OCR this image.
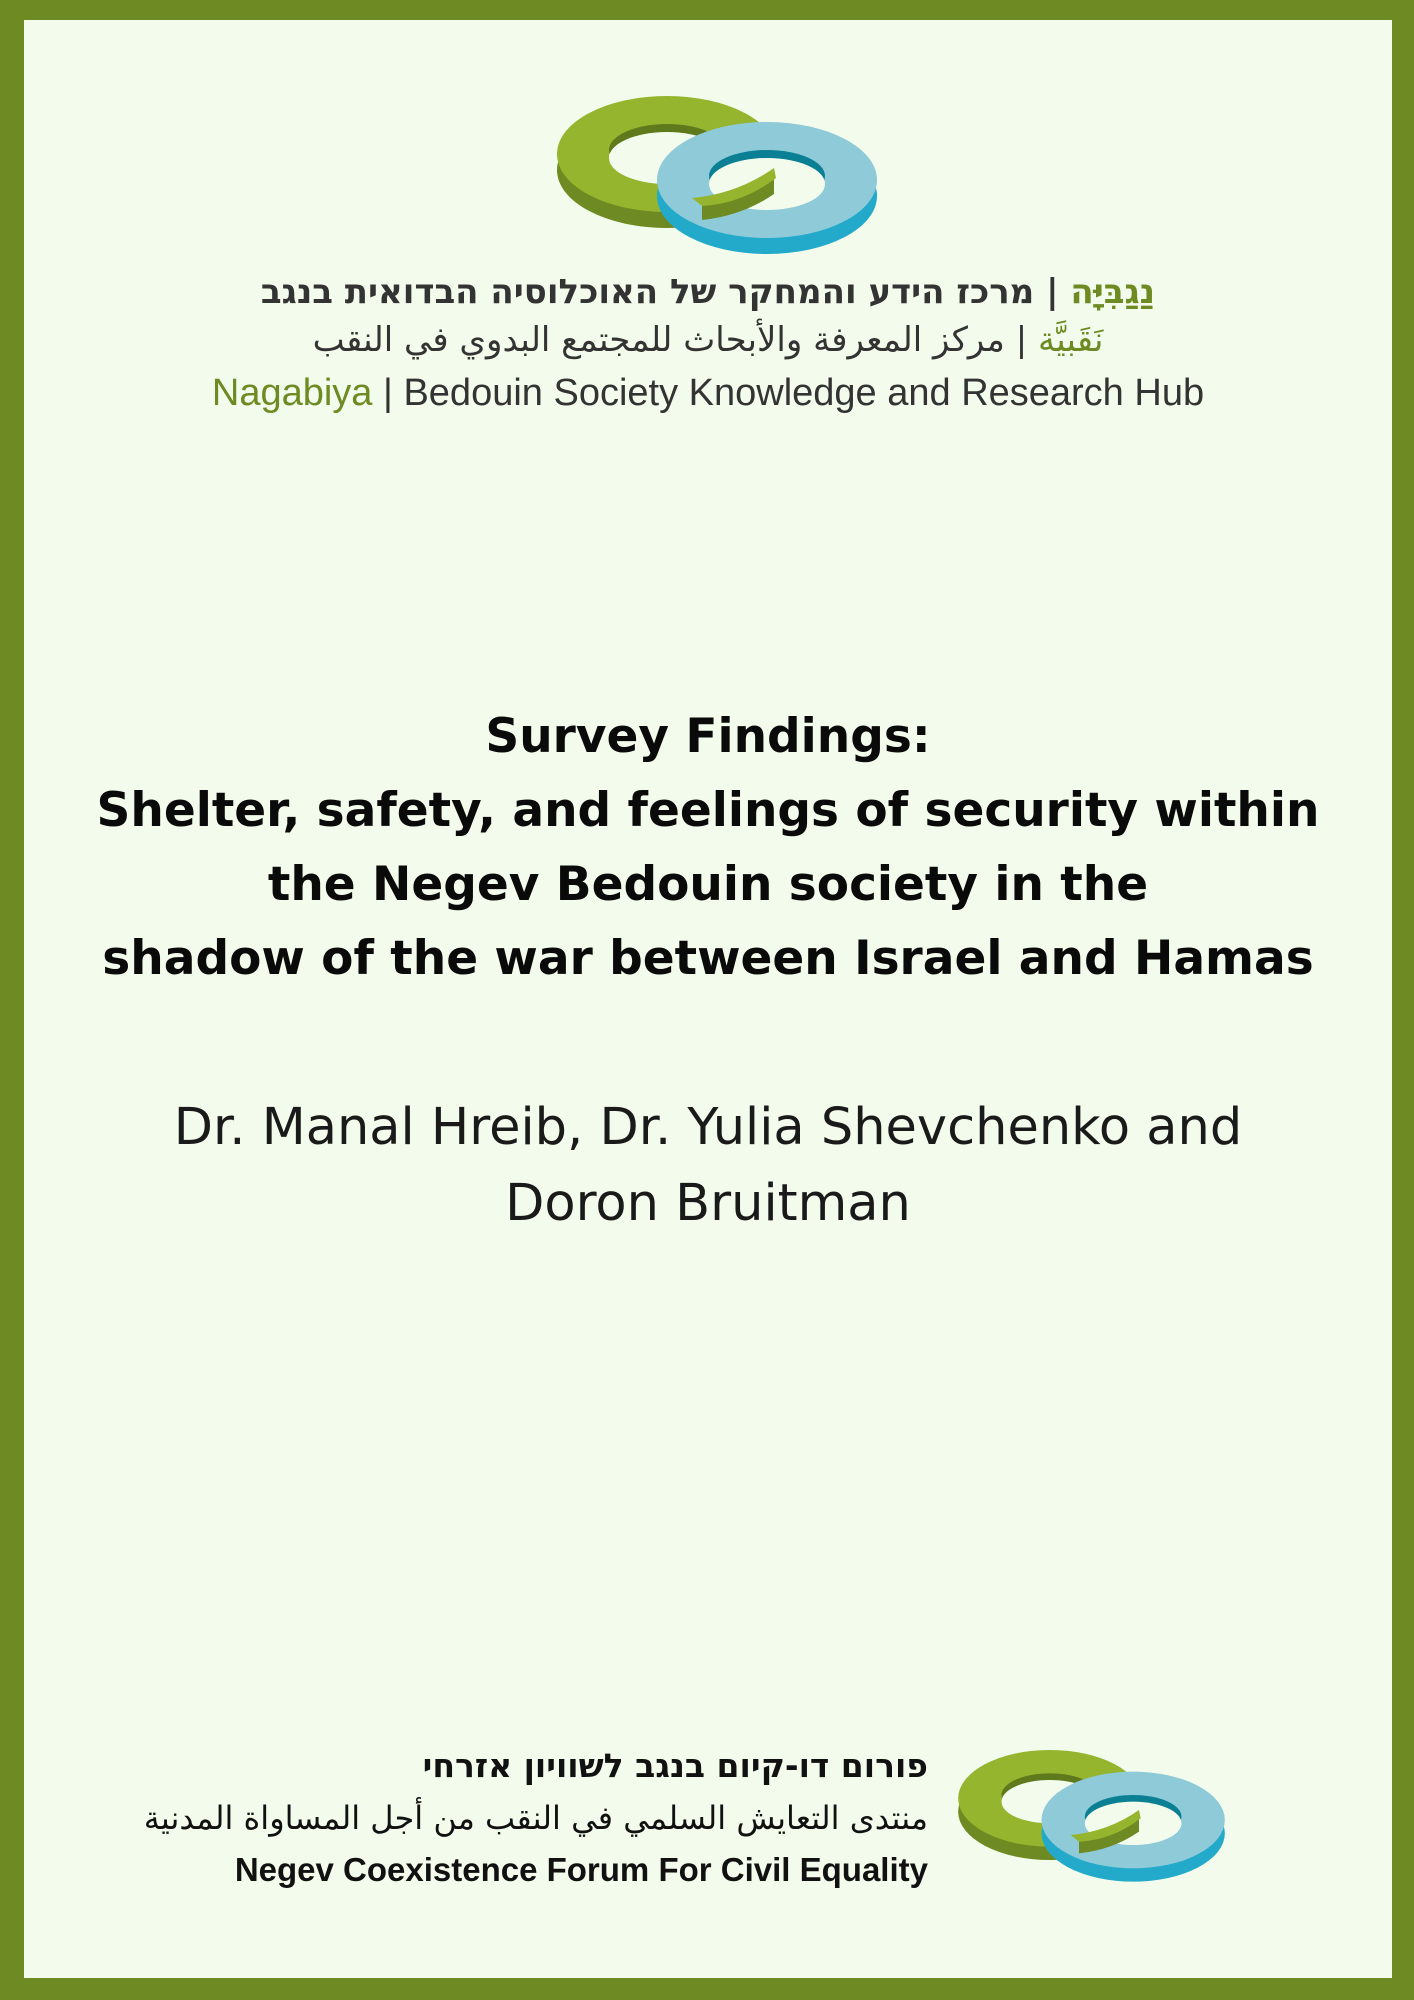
נַגַבִּיָּה | מרכז הידע והמחקר של האוכלוסיה הבדואית בנגב
نَقَبيَّة | مركز المعرفة والأبحاث للمجتمع البدوي في النقب
Nagabiya | Bedouin Society Knowledge and Research Hub
Survey Findings:
Shelter, safety, and feelings of security within
the Negev Bedouin society in the
shadow of the war between Israel and Hamas
Dr. Manal Hreib, Dr. Yulia Shevchenko and
Doron Bruitman
פורום דו-קיום בנגב לשוויון אזרחי
منتدى التعايش السلمي في النقب من أجل المساواة المدنية
Negev Coexistence Forum For Civil Equality
